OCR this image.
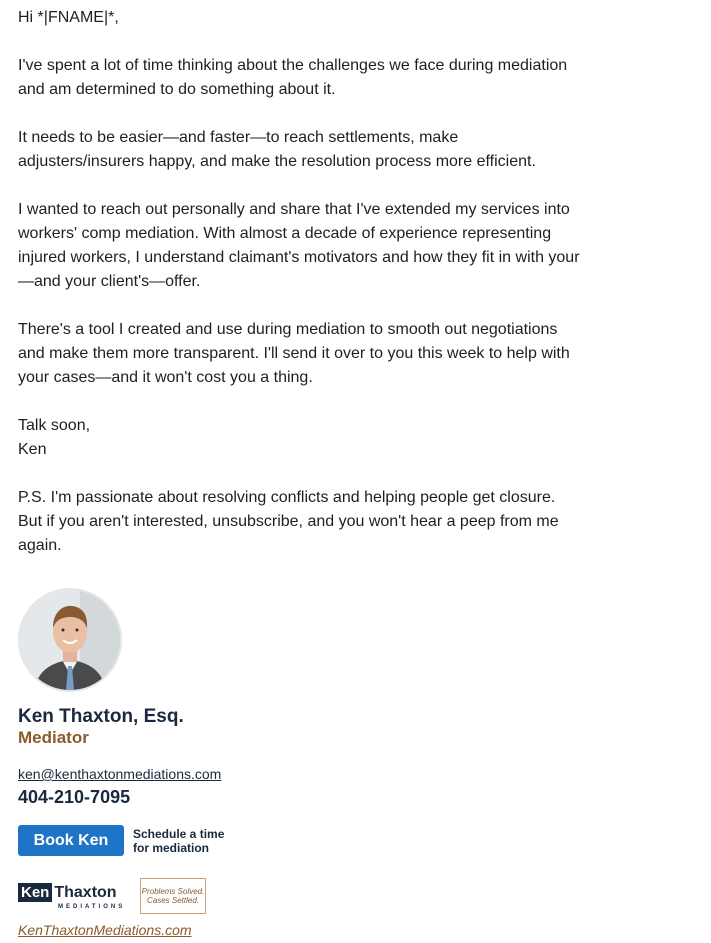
Hi *|FNAME|*,

I've spent a lot of time thinking about the challenges we face during mediation
and am determined to do something about it.

It needs to be easier—and faster—to reach settlements, make
adjusters/insurers happy, and make the resolution process more efficient.

I wanted to reach out personally and share that I've extended my services into
workers' comp mediation. With almost a decade of experience representing
injured workers, I understand claimant's motivators and how they fit in with your
—and your client's—offer.

There's a tool I created and use during mediation to smooth out negotiations
and make them more transparent. I'll send it over to you this week to help with
your cases—and it won't cost you a thing.

Talk soon,
Ken

P.S. I'm passionate about resolving conflicts and helping people get closure.
But if you aren't interested, unsubscribe, and you won't hear a peep from me
again.

Ken Thaxton, Esq.
Mediator
ken@kenthaxtonmediations.com
404-210-7095
Book Ken	Schedule a time
for mediation
Ken Thaxton
MEDIATIONS
Problems Solved.
Cases Settled.
KenThaxtonMediations.com
